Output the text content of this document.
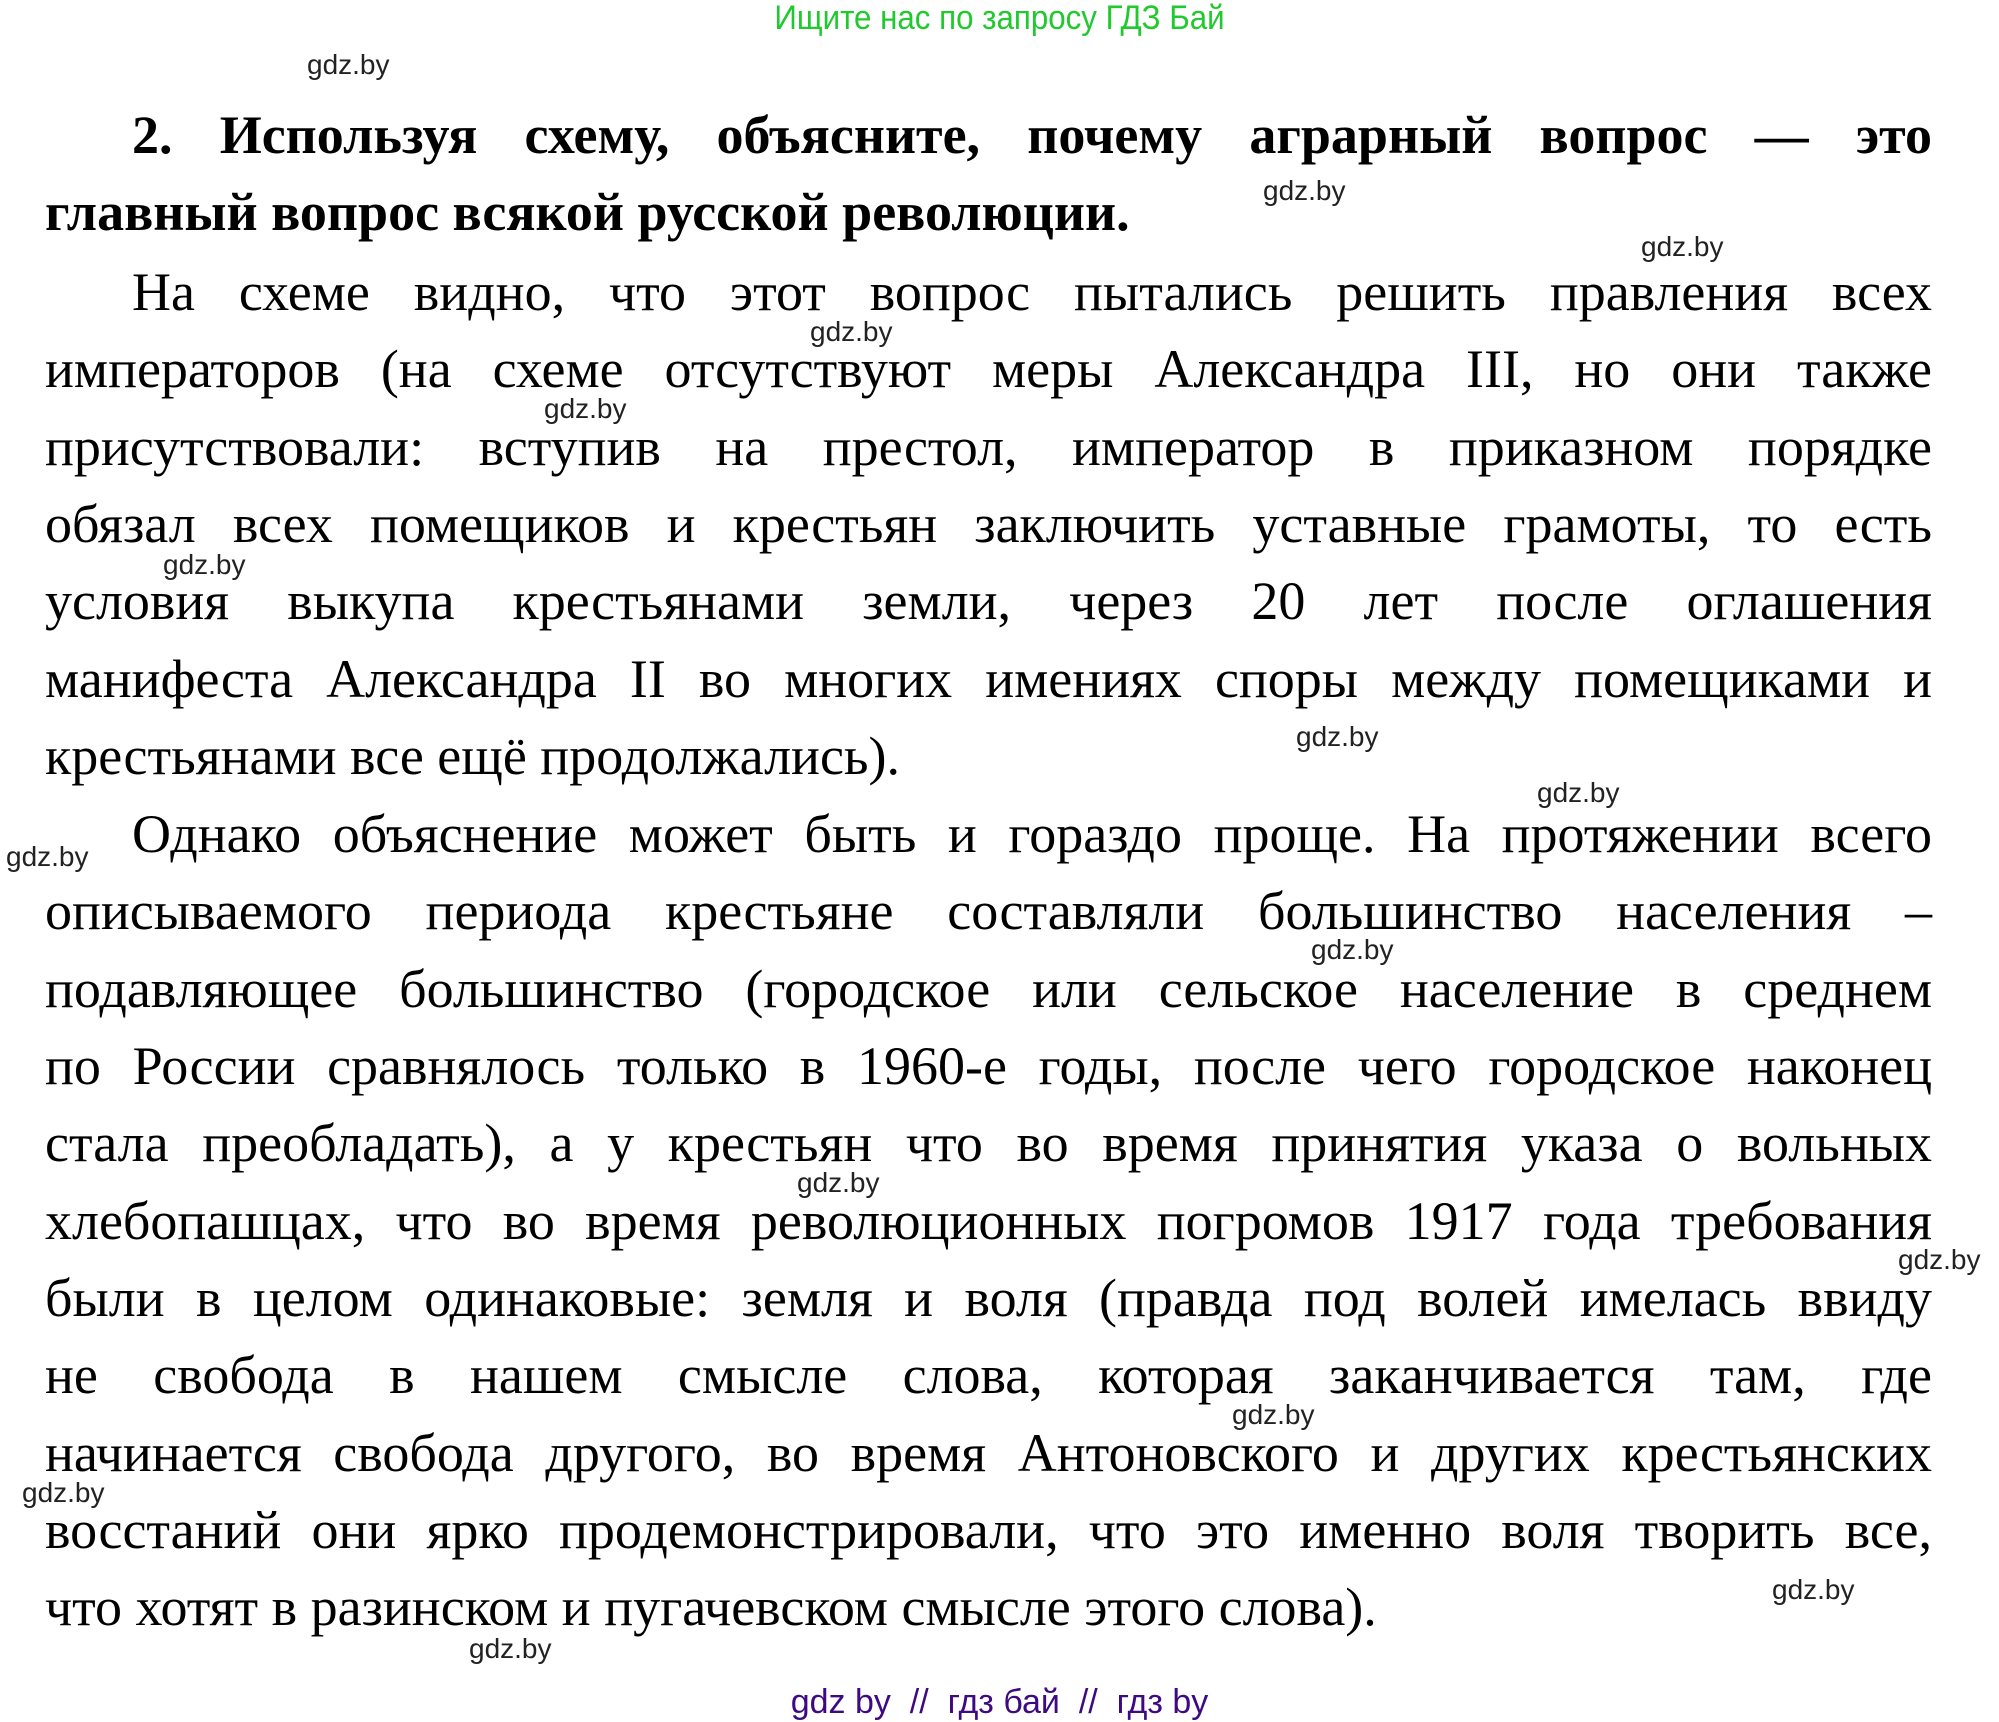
Ищите нас по запросу ГДЗ Бай
2. Используя схему, объясните, почему аграрный вопрос — это
главный вопрос всякой русской революции.
На схеме видно, что этот вопрос пытались решить правления всех
императоров (на схеме отсутствуют меры Александра III, но они также
присутствовали: вступив на престол, император в приказном порядке
обязал всех помещиков и крестьян заключить уставные грамоты, то есть
условия выкупа крестьянами земли, через 20 лет после оглашения
манифеста Александра II во многих имениях споры между помещиками и
крестьянами все ещё продолжались).
Однако объяснение может быть и гораздо проще. На протяжении всего
описываемого периода крестьяне составляли большинство населения –
подавляющее большинство (городское или сельское население в среднем
по России сравнялось только в 1960-е годы, после чего городское наконец
стала преобладать), а у крестьян что во время принятия указа о вольных
хлебопашцах, что во время революционных погромов 1917 года требования
были в целом одинаковые: земля и воля (правда под волей имелась ввиду
не свобода в нашем смысле слова, которая заканчивается там, где
начинается свобода другого, во время Антоновского и других крестьянских
восстаний они ярко продемонстрировали, что это именно воля творить все,
что хотят в разинском и пугачевском смысле этого слова).
gdz.by
gdz.by
gdz.by
gdz.by
gdz.by
gdz.by
gdz.by
gdz.by
gdz.by
gdz.by
gdz.by
gdz.by
gdz.by
gdz.by
gdz.by
gdz.by
gdz by  //  гдз бай  //  гдз by
